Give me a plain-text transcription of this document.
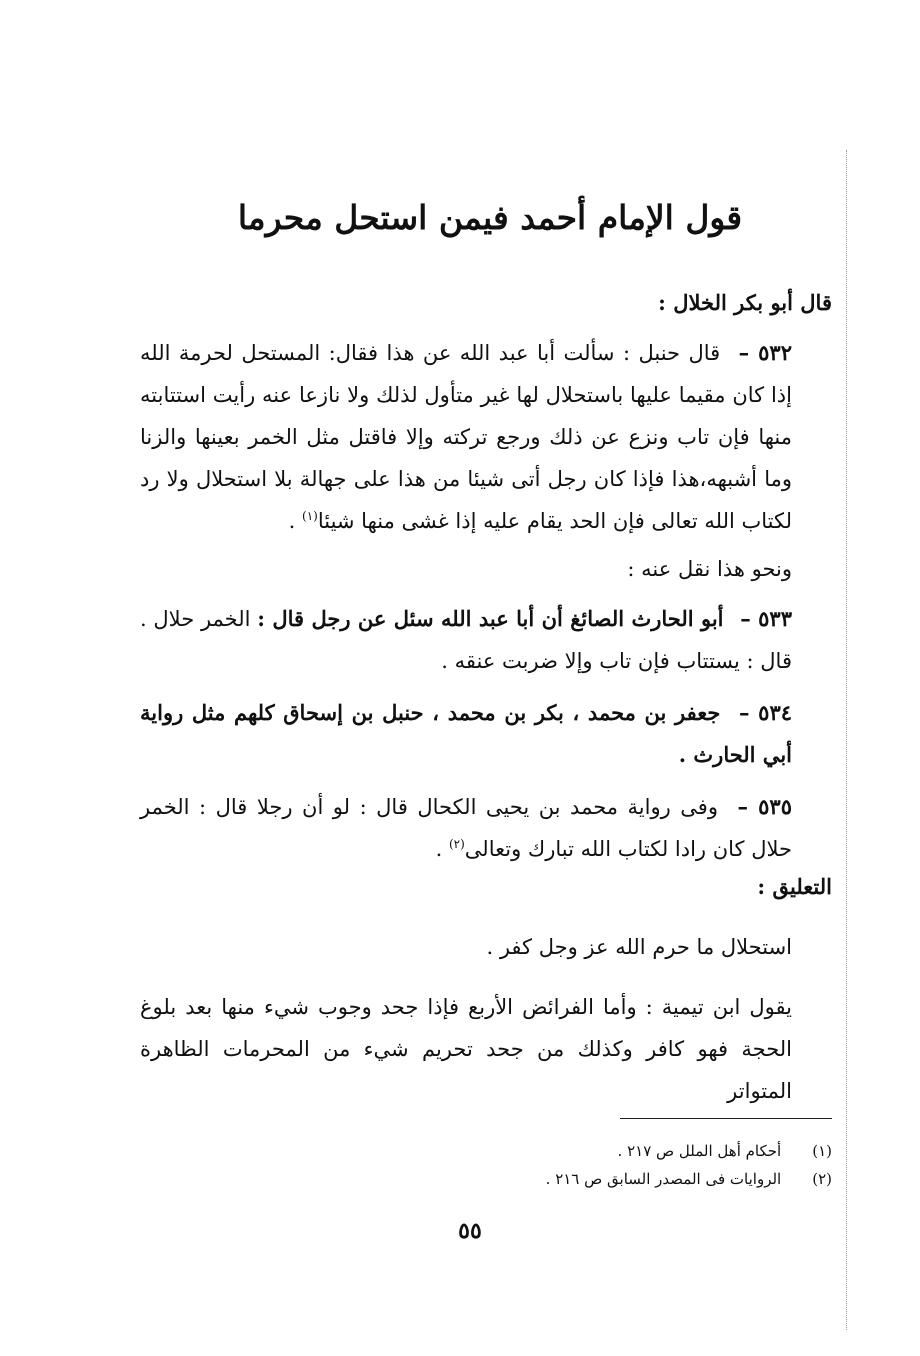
قول الإمام أحمد فيمن استحل محرما
قال أبو بكر الخلال :
٥٣٢ – قال حنبل : سألت أبا عبد الله عن هذا فقال: المستحل لحرمة الله إذا كان مقيما عليها باستحلال لها غير متأول لذلك ولا نازعا عنه رأيت استتابته منها فإن تاب ونزع عن ذلك ورجع تركته وإلا فاقتل مثل الخمر بعينها والزنا وما أشبهه،هذا فإذا كان رجل أتى شيئا من هذا على جهالة بلا استحلال ولا رد لكتاب الله تعالى فإن الحد يقام عليه إذا غشى منها شيئا$^{(١)}$ .
ونحو هذا نقل عنه :
٥٣٣ – أبو الحارث الصائغ أن أبا عبد الله سئل عن رجل قال : الخمر حلال . قال : يستتاب فإن تاب وإلا ضربت عنقه .
٥٣٤ – جعفر بن محمد ، بكر بن محمد ، حنبل بن إسحاق كلهم مثل رواية أبي الحارث .
٥٣٥ – وفى رواية محمد بن يحيى الكحال قال : لو أن رجلا قال : الخمر حلال كان رادا لكتاب الله تبارك وتعالى$^{(٢)}$ .
التعليق :
استحلال ما حرم الله عز وجل كفر .
يقول ابن تيمية : وأما الفرائض الأربع فإذا جحد وجوب شيء منها بعد بلوغ الحجة فهو كافر وكذلك من جحد تحريم شيء من المحرمات الظاهرة المتواتر
(١) أحكام أهل الملل ص ٢١٧ .
(٢) الروايات فى المصدر السابق ص ٢١٦ .
٥٥
